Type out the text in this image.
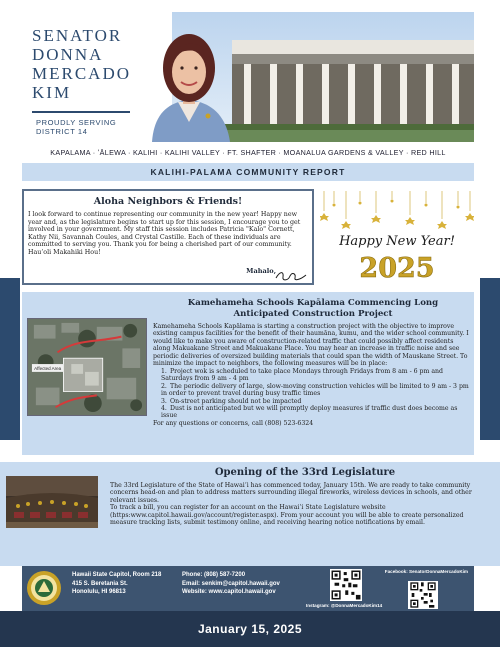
SENATOR
DONNA
MERCADO
KIM
PROUDLY SERVING
DISTRICT 14
KAPALAMA · ʻĀLEWA · KALIHI · KALIHI VALLEY · FT. SHAFTER · MOANALUA GARDENS & VALLEY · RED HILL
KALIHI-PALAMA COMMUNITY REPORT
Aloha Neighbors & Friends!
I look forward to continue representing our community in the new year! Happy new year and, as the legislature begins to start up for this session, I encourage you to get involved in your government. My staff this session includes Patricia "Kalo" Cornett, Kathy Nii, Savannah Coules, and Crystal Castille. Each of these individuals are committed to serving you. Thank you for being a cherished part of our community. Hauʻoli Makahiki Hou!
Mahalo,
Happy New Year!
2025
Kamehameha Schools Kapālama Commencing Long
Anticipated Construction Project
Affected Area
Kamehameha Schools Kapālama is starting a construction project with the objective to improve existing campus facilities for the benefit of their haumāna, kumu, and the wider school community. I would like to make you aware of construction-related traffic that could possibly affect residents along Makuakane Street and Makuakane Place. You may hear an increase in traffic noise and see periodic deliveries of oversized building materials that could span the width of Mauskane Street. To minimize the impact to neighbors, the following measures will be in place:
1. Project wok is scheduled to take place Mondays through Fridays from 8 am - 6 pm and Saturdays from 9 am - 4 pm
2. The periodic delivery of large, slow-moving construction vehicles will be limited to 9 am - 3 pm in order to prevent travel during busy traffic times
3. On-street parking should not be impacted
4. Dust is not anticipated but we will promptly deploy measures if traffic dust does become as issue
For any questions or concerns, call (808) 523-6324
Opening of the 33rd Legislature
The 33rd Legislature of the State of Hawaiʻi has commenced today, January 15th. We are ready to take community concerns head-on and plan to address matters surrounding illegal fireworks, wireless devices in schools, and other relevant issues.
To track a bill, you can register for an account on the Hawaiʻi State Legislature website (https:www.capitol.hawaii.gov/account/register.aspx). From your account you will be able to create personalized measure tracking lists, submit testimony online, and receiving hearing notice notifications by email.
Hawaii State Capitol, Room 218
415 S. Beretania St.
Honolulu, HI 96813
Phone: (808) 587-7200
Email: senkim@capitol.hawaii.gov
Website: www.capitol.hawaii.gov
Facebook: SenatorDonnaMercadoKim
Instagram: @DonnaMercadoKim14
January 15, 2025
